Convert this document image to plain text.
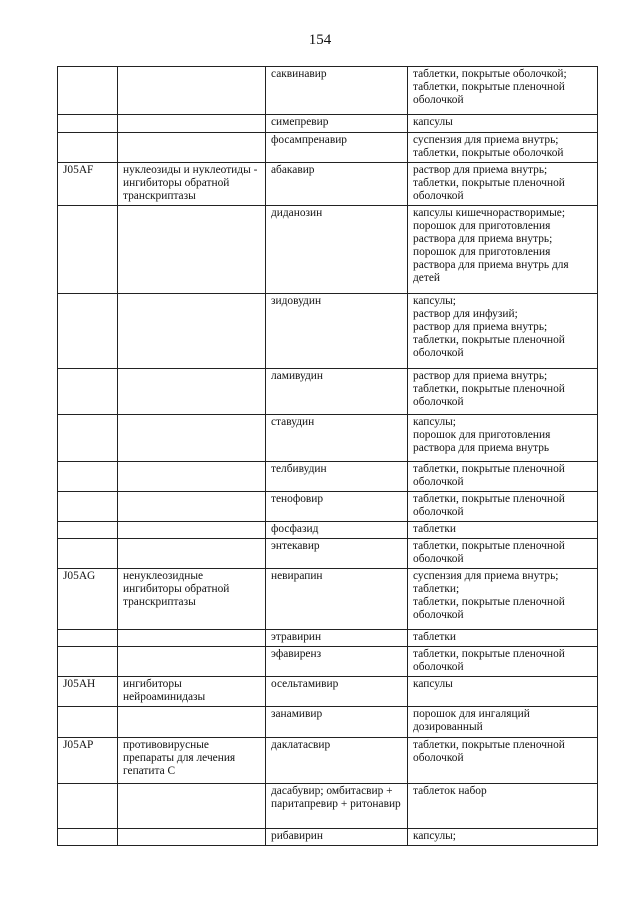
154
		саквинавир	таблетки, покрытые оболочкой;
таблетки, покрытые пленочной оболочкой
		симепревир	капсулы
		фосампренавир	суспензия для приема внутрь;
таблетки, покрытые оболочкой
J05AF	нуклеозиды и нуклеотиды - ингибиторы обратной транскриптазы	абакавир	раствор для приема внутрь;
таблетки, покрытые пленочной оболочкой
		диданозин	капсулы кишечнорастворимые;
порошок для приготовления раствора для приема внутрь;
порошок для приготовления раствора для приема внутрь для детей
		зидовудин	капсулы;
раствор для инфузий;
раствор для приема внутрь;
таблетки, покрытые пленочной оболочкой
		ламивудин	раствор для приема внутрь;
таблетки, покрытые пленочной оболочкой
		ставудин	капсулы;
порошок для приготовления раствора для приема внутрь
		телбивудин	таблетки, покрытые пленочной оболочкой
		тенофовир	таблетки, покрытые пленочной оболочкой
		фосфазид	таблетки
		энтекавир	таблетки, покрытые пленочной оболочкой
J05AG	ненуклеозидные ингибиторы обратной транскриптазы	невирапин	суспензия для приема внутрь;
таблетки;
таблетки, покрытые пленочной оболочкой
		этравирин	таблетки
		эфавиренз	таблетки, покрытые пленочной оболочкой
J05AH	ингибиторы нейроаминидазы	осельтамивир	капсулы
		занамивир	порошок для ингаляций дозированный
J05AP	противовирусные препараты для лечения гепатита С	даклатасвир	таблетки, покрытые пленочной оболочкой
		дасабувир; омбитасвир + паритапревир + ритонавир	таблеток набор
		рибавирин	капсулы;
